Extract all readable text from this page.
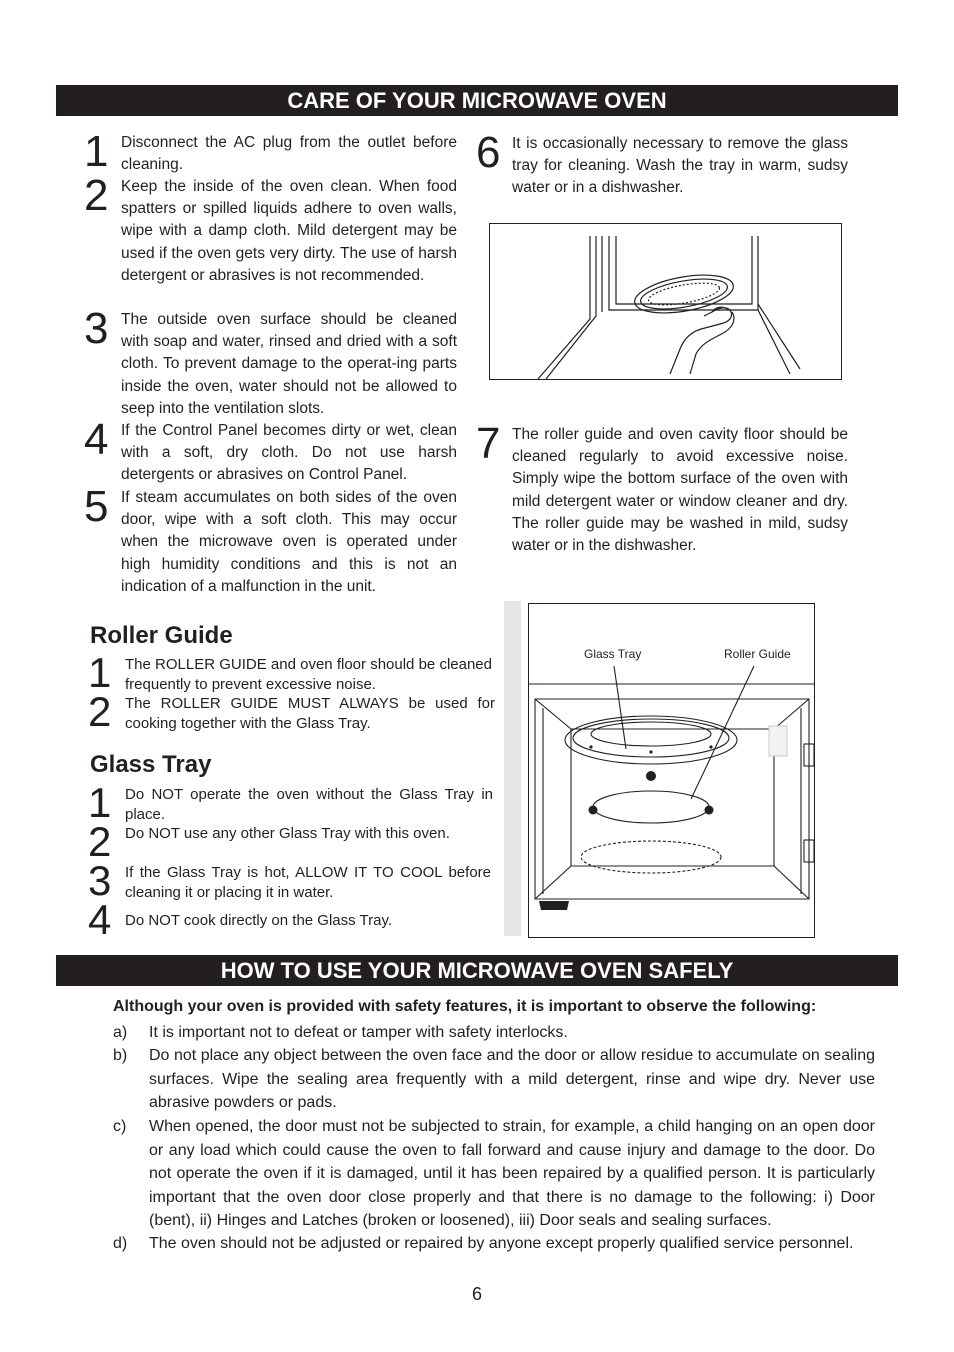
CARE OF YOUR MICROWAVE OVEN
1 Disconnect the AC plug from the outlet before cleaning.
2 Keep the inside of the oven clean. When food spatters or spilled liquids adhere to oven walls, wipe with a damp cloth. Mild detergent may be used if the oven gets very dirty. The use of harsh detergent or abrasives is not recommended.
3 The outside oven surface should be cleaned with soap and water, rinsed and dried with a soft cloth. To prevent damage to the operat-ing parts inside the oven, water should not be allowed to seep into the ventilation slots.
4 If the Control Panel becomes dirty or wet, clean with a soft, dry cloth. Do not use harsh detergents or abrasives on Control Panel.
5 If steam accumulates on both sides of the oven door, wipe with a soft cloth. This may occur when the microwave oven is operated under high humidity conditions and this is not an indication of a malfunction in the unit.
6 It is occasionally necessary to remove the glass tray for cleaning. Wash the tray in warm, sudsy water or in a dishwasher.
7 The roller guide and oven cavity floor should be cleaned regularly to avoid excessive noise. Simply wipe the bottom surface of the oven with mild detergent water or window cleaner and dry. The roller guide may be washed in mild, sudsy water or in the dishwasher.
Roller Guide
1 The ROLLER GUIDE and oven floor should be cleaned frequently to prevent excessive noise.
2 The ROLLER GUIDE MUST ALWAYS be used for cooking together with the Glass Tray.
Glass Tray
1 Do NOT operate the oven without the Glass Tray in place.
2 Do NOT use any other Glass Tray with this oven.
3 If the Glass Tray is hot, ALLOW IT TO COOL before cleaning it or placing it in water.
4 Do NOT cook directly on the Glass Tray.
Glass Tray	Roller Guide
HOW TO USE YOUR MICROWAVE OVEN SAFELY
Although your oven is provided with safety features, it is important to observe the following:
a) It is important not to defeat or tamper with safety interlocks.
b) Do not place any object between the oven face and the door or allow residue to accumulate on sealing surfaces. Wipe the sealing area frequently with a mild detergent, rinse and wipe dry. Never use abrasive powders or pads.
c) When opened, the door must not be subjected to strain, for example, a child hanging on an open door or any load which could cause the oven to fall forward and cause injury and damage to the door. Do not operate the oven if it is damaged, until it has been repaired by a qualified person. It is particularly important that the oven door close properly and that there is no damage to the following: i) Door (bent), ii) Hinges and Latches (broken or loosened), iii) Door seals and sealing surfaces.
d) The oven should not be adjusted or repaired by anyone except properly qualified service personnel.
6
